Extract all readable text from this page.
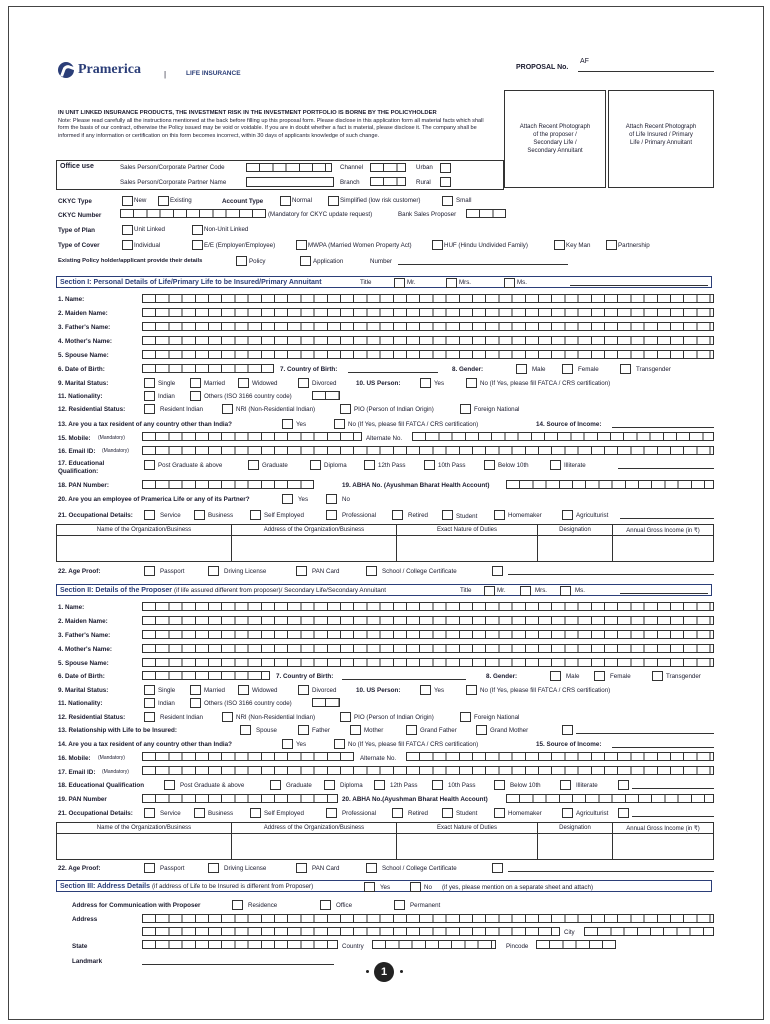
Pramerica	|	LIFE INSURANCE
AF
PROPOSAL No.
Attach Recent Photograph of the proposer / Secondary Life / Secondary Annuitant
Attach Recent Photograph of Life Insured / Primary Life / Primary Annuitant
IN UNIT LINKED INSURANCE PRODUCTS, THE INVESTMENT RISK IN THE INVESTMENT PORTFOLIO IS BORNE BY THE POLICYHOLDER
Note: Please read carefully all the instructions mentioned at the back before filling up this proposal form. Please disclose in this application form all material facts which shall form the basis of our contract, otherwise the Policy issued may be void or voidable. If you are in doubt whether a fact is material, please disclose it. The company shall be informed if any information or certification on this form becomes incorrect, within 30 days of applicants knowledge of such change.
Office use	Sales Person/Corporate Partner Code	Channel	Urban
Sales Person/Corporate Partner Name	Branch	Rural
CKYC Type	New	Existing	Account Type	Normal	Simplified (low risk customer)	Small
CKYC Number	(Mandatory for CKYC update request)	Bank Sales Proposer
Type of Plan	Unit Linked	Non-Unit Linked
Type of Cover	Individual	E/E (Employer/Employee)	MWPA (Married Women Property Act)	HUF (Hindu Undivided Family)	Key Man	Partnership
Existing Policy holder/applicant provide their details	Policy	Application	Number
Section I: Personal Details of Life/Primary Life to be Insured/Primary Annuitant	Title	Mr.	Mrs.	Ms.
1. Name:
2. Maiden Name:
3. Father's Name:
4. Mother's Name:
5. Spouse Name:
6. Date of Birth:	7. Country of Birth:	8. Gender:	Male	Female	Transgender
9. Marital Status:	Single	Married	Widowed	Divorced	10. US Person:	Yes	No (If Yes, please fill FATCA / CRS certification)
11. Nationality:	Indian	Others (ISO 3166 country code)
12. Residential Status:	Resident Indian	NRI (Non-Residential Indian)	PIO (Person of Indian Origin)	Foreign National
13. Are you a tax resident of any country other than India?	Yes	No (If Yes, please fill FATCA / CRS certification)	14. Source of Income:
15. Mobile: (Mandatory)	Alternate No.
16. Email ID: (Mandatory)
17. Educational Qualification:
Post Graduate & above	Graduate	Diploma	12th Pass	10th Pass	Below 10th	Illiterate
18. PAN Number:	19. ABHA No. (Ayushman Bharat Health Account)
20. Are you an employee of Pramerica Life or any of its Partner?	Yes	No
21. Occupational Details:	Service	Business	Self Employed	Professional	Retired	Student	Homemaker	Agriculturist
Name of the Organization/Business	Address of the Organization/Business	Exact Nature of Duties	Designation	Annual Gross Income (in ₹)

22. Age Proof:	Passport	Driving License	PAN Card	School / College Certificate
Section II: Details of the Proposer (if life assured different from proposer)/ Secondary Life/Secondary Annuitant	Title	Mr.	Mrs.	Ms.
1. Name:
2. Maiden Name:
3. Father's Name:
4. Mother's Name:
5. Spouse Name:
6. Date of Birth:	7. Country of Birth:	8. Gender:	Male	Female	Transgender
9. Marital Status:	Single	Married	Widowed	Divorced	10. US Person:	Yes	No (If Yes, please fill FATCA / CRS certification)
11. Nationality:	Indian	Others (ISO 3166 country code)
12. Residential Status:	Resident Indian	NRI (Non-Residential Indian)	PIO (Person of Indian Origin)	Foreign National
13. Relationship with Life to be Insured:	Spouse	Father	Mother	Grand Father	Grand Mother
14. Are you a tax resident of any country other than India?	Yes	No (If Yes, please fill FATCA / CRS certification)	15. Source of Income:
16. Mobile: (Mandatory)	Alternate No.
17. Email ID: (Mandatory)
18. Educational Qualification	Post Graduate & above	Graduate	Diploma	12th Pass	10th Pass	Below 10th	Illiterate
19. PAN Number	20. ABHA No.(Ayushman Bharat Health Account)
21. Occupational Details:	Service	Business	Self Employed	Professional	Retired	Student	Homemaker	Agriculturist
Name of the Organization/Business	Address of the Organization/Business	Exact Nature of Duties	Designation	Annual Gross Income (in ₹)

22. Age Proof:	Passport	Driving License	PAN Card	School / College Certificate
Section III: Address Details (if address of Life to be Insured is different from Proposer)	Yes	No (if yes, please mention on a separate sheet and attach)
Address for Communication with Proposer	Residence	Office	Permanent
Address
City
State	Country	Pincode
Landmark
1
